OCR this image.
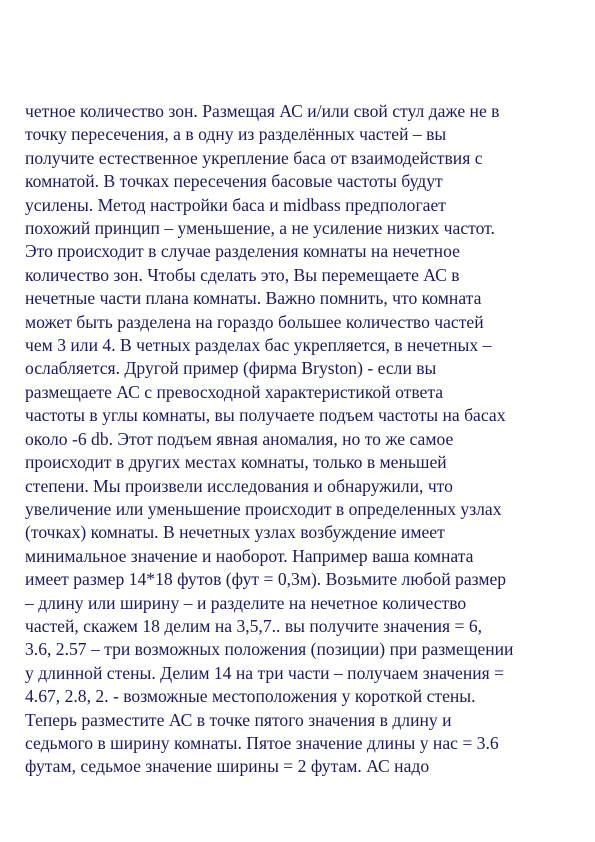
четное количество зон. Размещая АС и/или свой стул даже не в
точку пересечения, а в одну из разделённых частей – вы
получите естественное укрепление баса от взаимодействия с
комнатой. В точках пересечения басовые частоты будут
усилены. Метод настройки баса и midbass предпологает
похожий принцип – уменьшение, а не усиление низких частот.
Это происходит в случае разделения комнаты на нечетное
количество зон. Чтобы сделать это, Вы перемещаете АС в
нечетные части плана комнаты. Важно помнить, что комната
может быть разделена на гораздо большее количество частей
чем 3 или 4. В четных разделах бас укрепляется, в нечетных –
ослабляется. Другой пример (фирма Bryston) - если вы
размещаете АС с превосходной характеристикой ответа
частоты в углы комнаты, вы получаете подъем частоты на басах
около -6 db. Этот подъем явная аномалия, но то же самое
происходит в других местах комнаты, только в меньшей
степени. Мы произвели исследования и обнаружили, что
увеличение или уменьшение происходит в определенных узлах
(точках) комнаты. В нечетных узлах возбуждение имеет
минимальное значение и наоборот. Например ваша комната
имеет размер 14*18 футов (фут = 0,3м). Возьмите любой размер
– длину или ширину – и разделите на нечетное количество
частей, скажем 18 делим на 3,5,7.. вы получите значения = 6,
3.6, 2.57 – три возможных положения (позиции) при размещении
у длинной стены. Делим 14 на три части – получаем значения =
4.67, 2.8, 2. - возможные местоположения у короткой стены.
Теперь разместите АС в точке пятого значения в длину и
седьмого в ширину комнаты. Пятое значение длины у нас = 3.6
футам, седьмое значение ширины = 2 футам. АС надо
